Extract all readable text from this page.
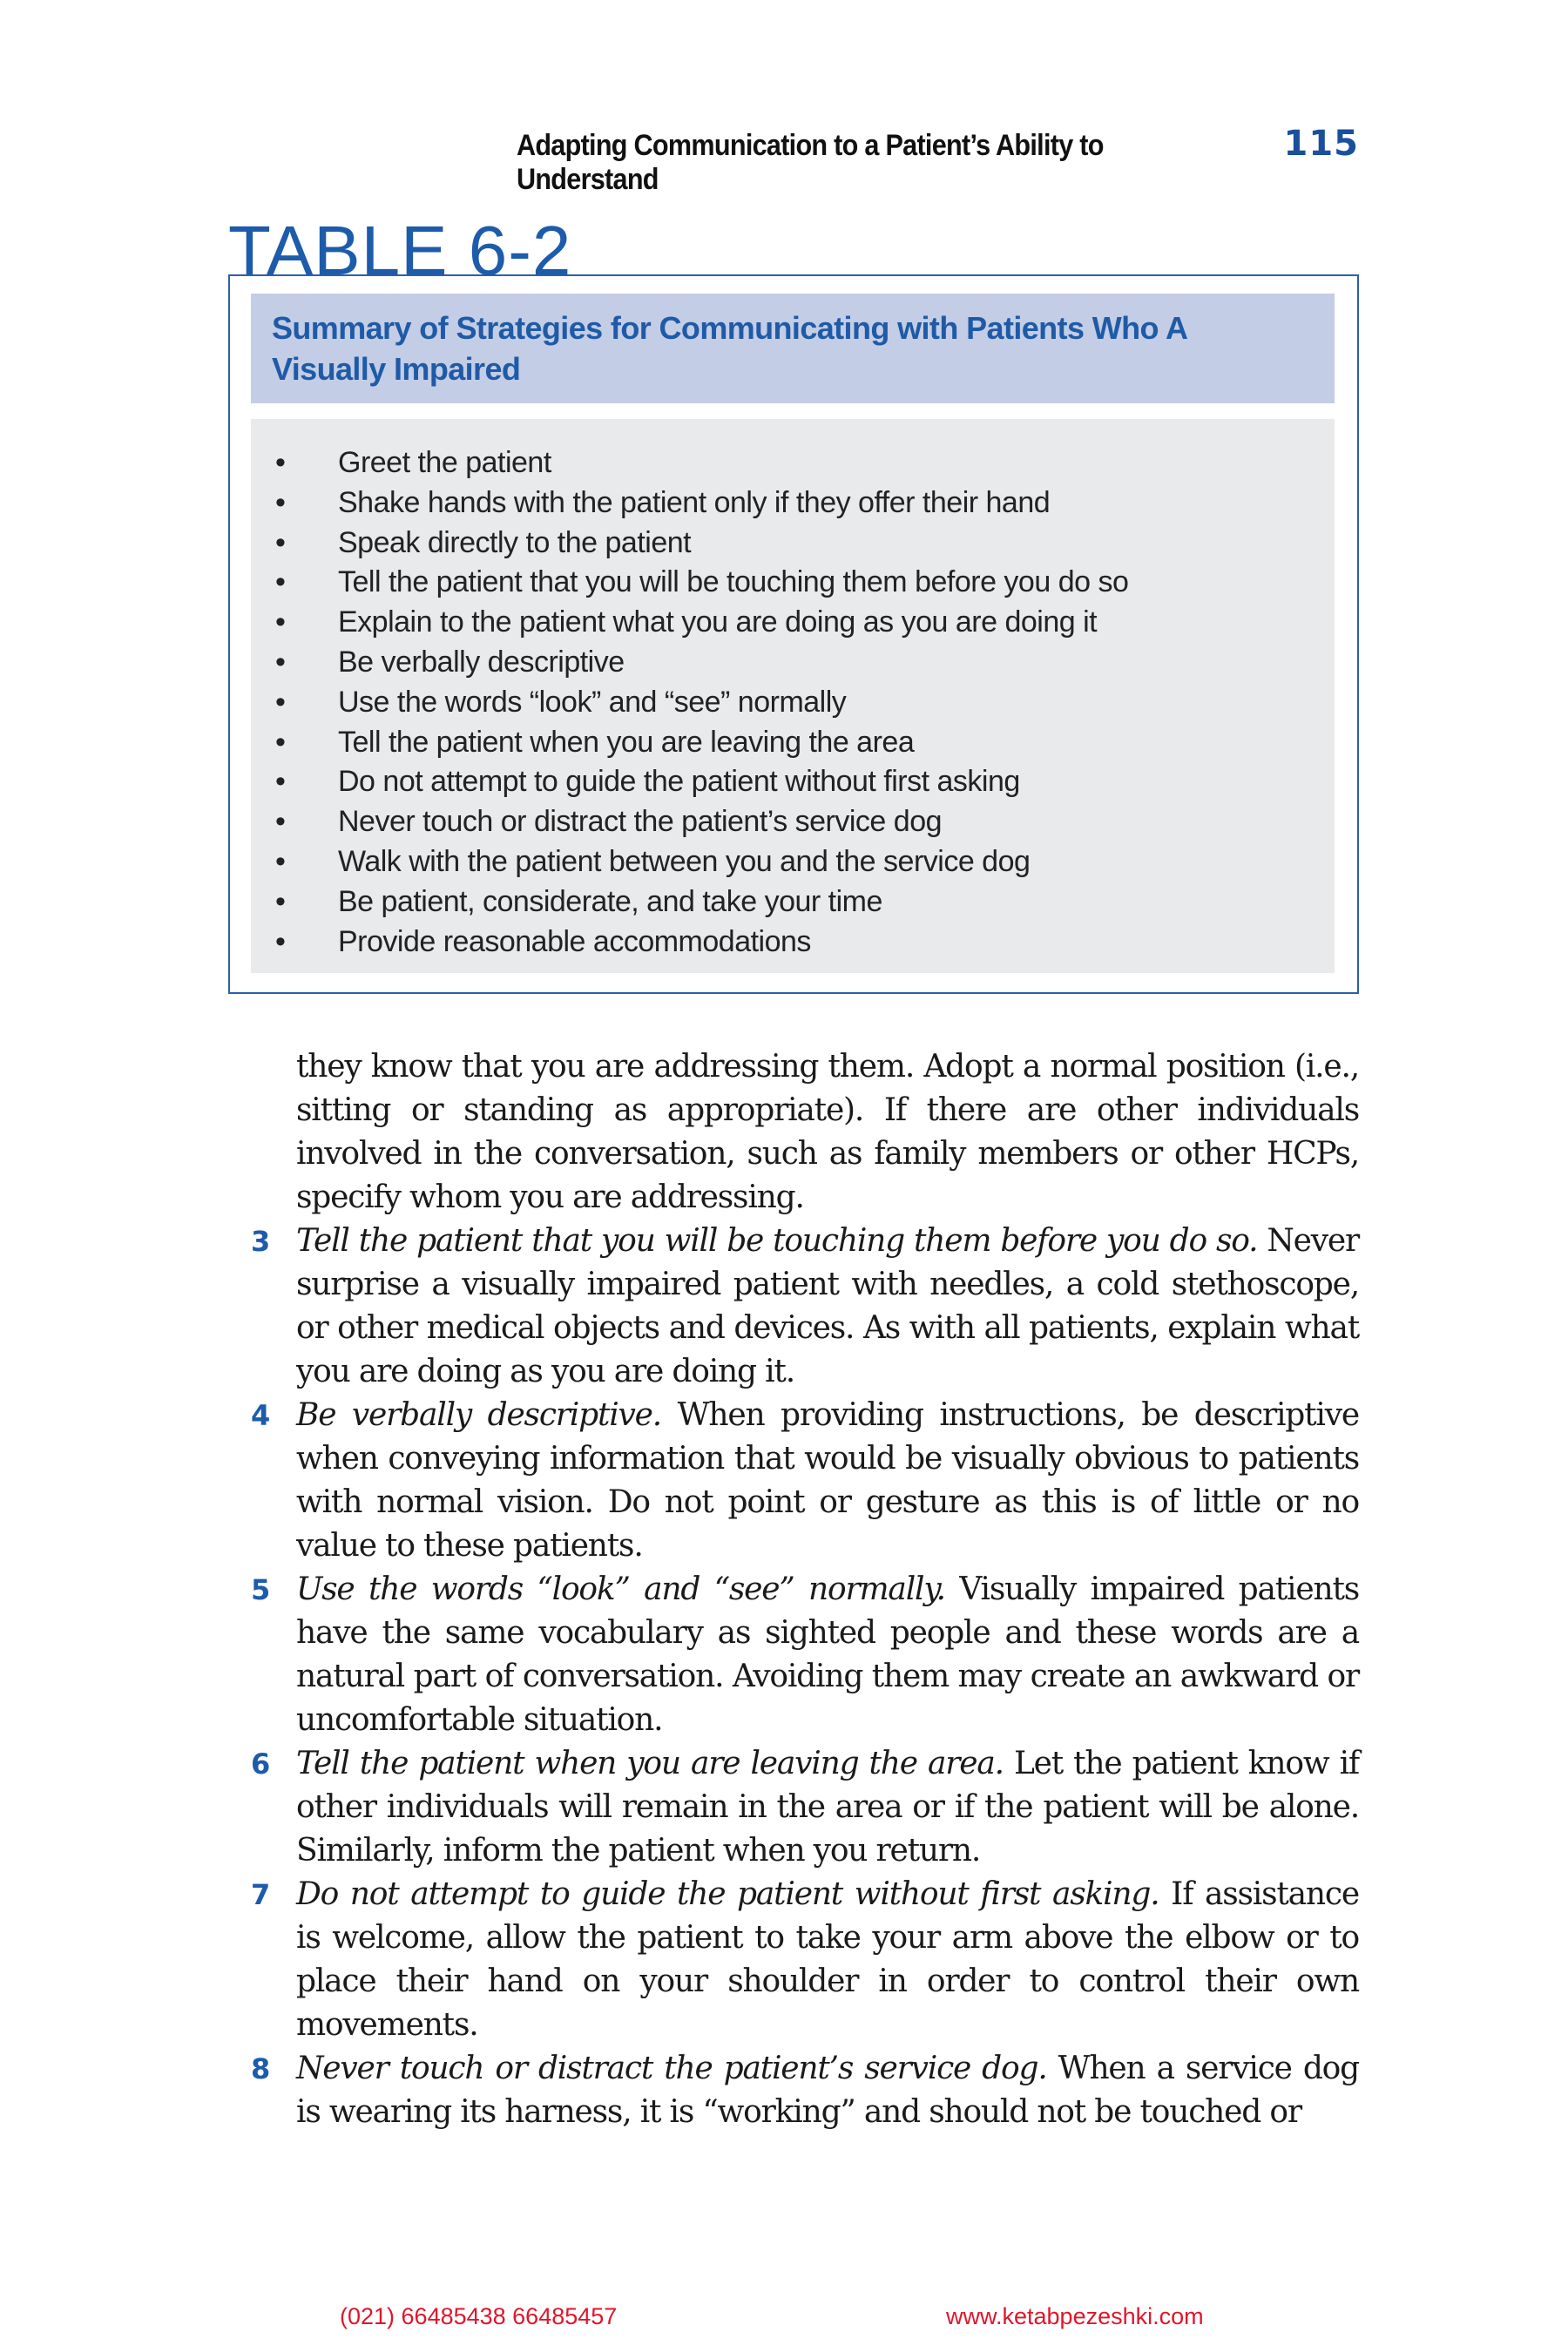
Adapting Communication to a Patient’s Ability to Understand
115
TABLE 6-2
Summary of Strategies for Communicating with Patients Who A Visually Impaired
• Greet the patient
• Shake hands with the patient only if they offer their hand
• Speak directly to the patient
• Tell the patient that you will be touching them before you do so
• Explain to the patient what you are doing as you are doing it
• Be verbally descriptive
• Use the words “look” and “see” normally
• Tell the patient when you are leaving the area
• Do not attempt to guide the patient without first asking
• Never touch or distract the patient’s service dog
• Walk with the patient between you and the service dog
• Be patient, considerate, and take your time
• Provide reasonable accommodations

they know that you are addressing them. Adopt a normal position (i.e., sitting or standing as appropriate). If there are other individuals involved in the conversation, such as family members or other HCPs, specify whom you are addressing.

3 Tell the patient that you will be touching them before you do so. Never surprise a visually impaired patient with needles, a cold stethoscope, or other medical objects and devices. As with all patients, explain what you are doing as you are doing it.

4 Be verbally descriptive. When providing instructions, be descriptive when conveying information that would be visually obvious to patients with normal vision. Do not point or gesture as this is of little or no value to these patients.

5 Use the words “look” and “see” normally. Visually impaired patients have the same vocabulary as sighted people and these words are a natural part of conversation. Avoiding them may create an awkward or uncomfortable situation.

6 Tell the patient when you are leaving the area. Let the patient know if other individuals will remain in the area or if the patient will be alone. Similarly, inform the patient when you return.

7 Do not attempt to guide the patient without first asking. If assistance is welcome, allow the patient to take your arm above the elbow or to place their hand on your shoulder in order to control their own movements.

8 Never touch or distract the patient’s service dog. When a service dog is wearing its harness, it is “working” and should not be touched or

(021) 66485438 66485457	www.ketabpezeshki.com
